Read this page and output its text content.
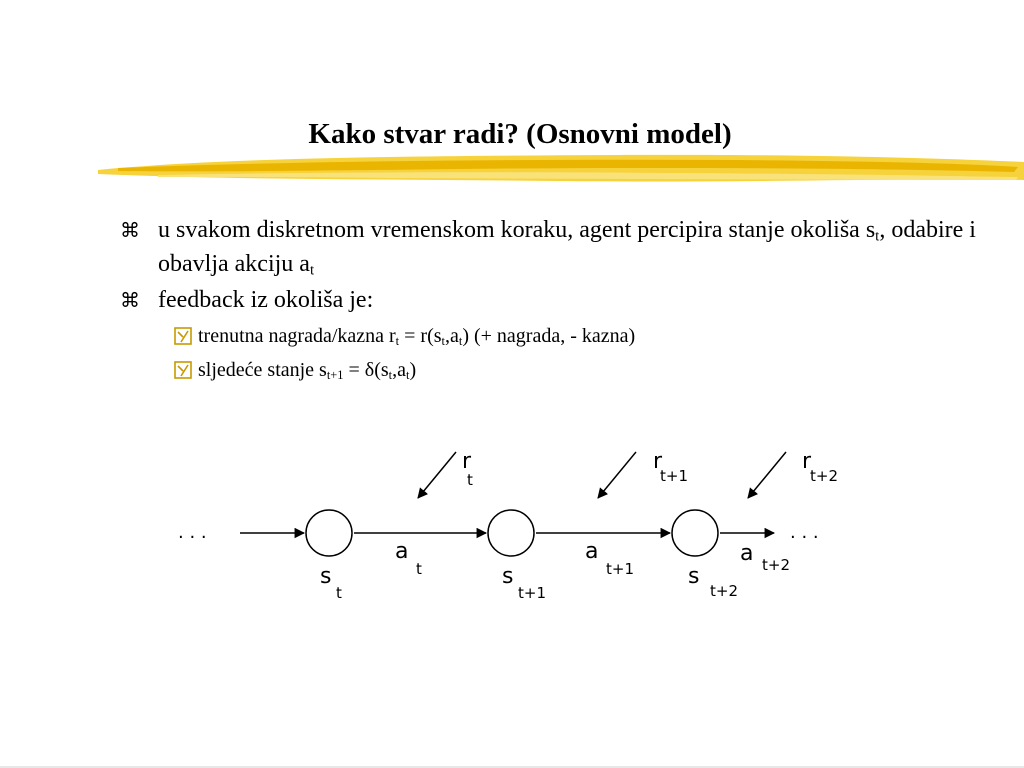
Kako stvar radi? (Osnovni model)
⌘ u svakom diskretnom vremenskom koraku, agent percipira stanje okoliša $s_t$, odabire i obavlja akciju $a_t$
⌘ feedback iz okoliša je:
trenutna nagrada/kazna $r_t = r(s_t,a_t)$ (+ nagrada, - kazna)
sljedeće stanje $s_{t+1} = \delta(s_t,a_t)$
. . .	. . .
s
t
s
t+1
s
t+2
a
t
a
t+1
a t+2
r
t
r
t+1
r
t+2
